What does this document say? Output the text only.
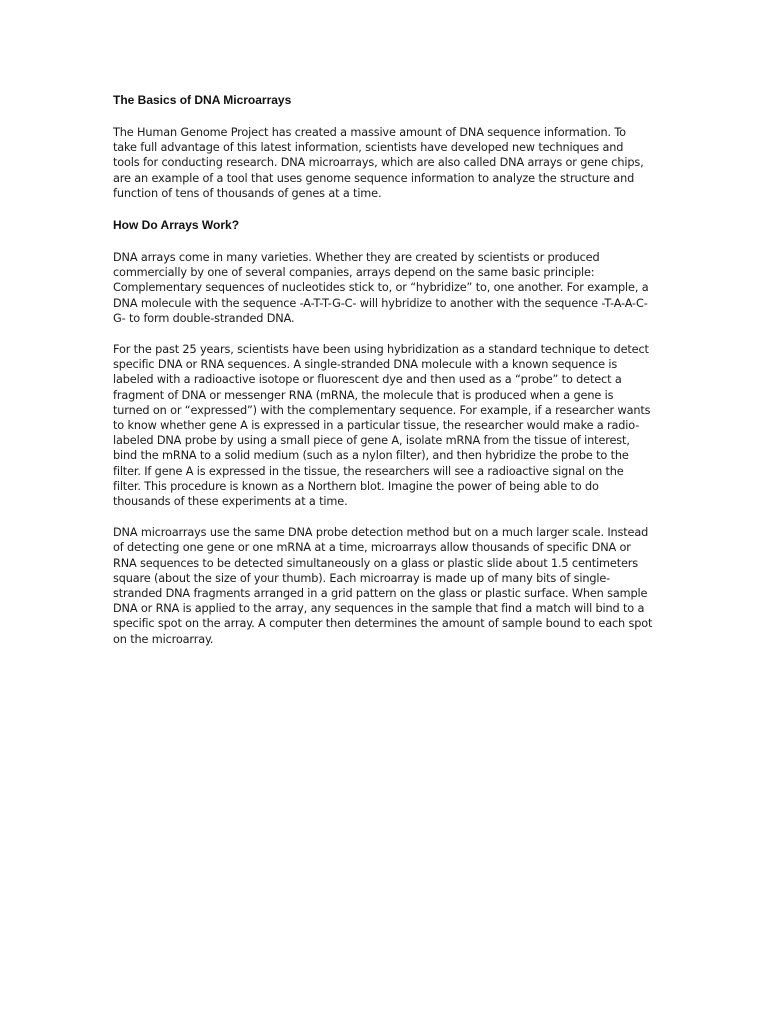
The Basics of DNA Microarrays

The Human Genome Project has created a massive amount of DNA sequence information. To take full advantage of this latest information, scientists have developed new techniques and tools for conducting research. DNA microarrays, which are also called DNA arrays or gene chips, are an example of a tool that uses genome sequence information to analyze the structure and function of tens of thousands of genes at a time.

How Do Arrays Work?

DNA arrays come in many varieties. Whether they are created by scientists or produced commercially by one of several companies, arrays depend on the same basic principle: Complementary sequences of nucleotides stick to, or “hybridize” to, one another. For example, a DNA molecule with the sequence -A-T-T-G-C- will hybridize to another with the sequence -T-A-A-C-G- to form double-stranded DNA.

For the past 25 years, scientists have been using hybridization as a standard technique to detect specific DNA or RNA sequences. A single-stranded DNA molecule with a known sequence is labeled with a radioactive isotope or fluorescent dye and then used as a “probe” to detect a fragment of DNA or messenger RNA (mRNA, the molecule that is produced when a gene is turned on or “expressed”) with the complementary sequence. For example, if a researcher wants to know whether gene A is expressed in a particular tissue, the researcher would make a radio-labeled DNA probe by using a small piece of gene A, isolate mRNA from the tissue of interest, bind the mRNA to a solid medium (such as a nylon filter), and then hybridize the probe to the filter. If gene A is expressed in the tissue, the researchers will see a radioactive signal on the filter. This procedure is known as a Northern blot. Imagine the power of being able to do thousands of these experiments at a time.

DNA microarrays use the same DNA probe detection method but on a much larger scale. Instead of detecting one gene or one mRNA at a time, microarrays allow thousands of specific DNA or RNA sequences to be detected simultaneously on a glass or plastic slide about 1.5 centimeters square (about the size of your thumb). Each microarray is made up of many bits of single-stranded DNA fragments arranged in a grid pattern on the glass or plastic surface. When sample DNA or RNA is applied to the array, any sequences in the sample that find a match will bind to a specific spot on the array. A computer then determines the amount of sample bound to each spot on the microarray.
